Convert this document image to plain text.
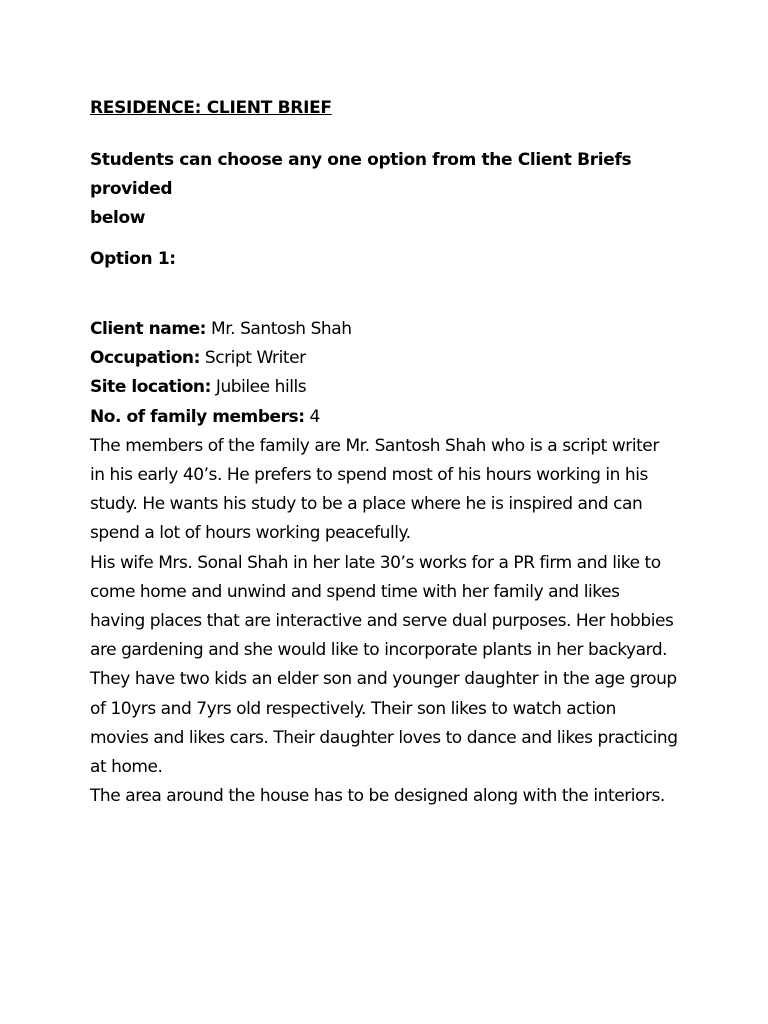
RESIDENCE: CLIENT BRIEF

Students can choose any one option from the Client Briefs provided
below

Option 1:

Client name: Mr. Santosh Shah
Occupation: Script Writer
Site location: Jubilee hills
No. of family members: 4

The members of the family are Mr. Santosh Shah who is a script writer
in his early 40’s. He prefers to spend most of his hours working in his
study. He wants his study to be a place where he is inspired and can
spend a lot of hours working peacefully.
His wife Mrs. Sonal Shah in her late 30’s works for a PR firm and like to
come home and unwind and spend time with her family and likes
having places that are interactive and serve dual purposes. Her hobbies
are gardening and she would like to incorporate plants in her backyard.
They have two kids an elder son and younger daughter in the age group
of 10yrs and 7yrs old respectively. Their son likes to watch action
movies and likes cars. Their daughter loves to dance and likes practicing
at home.
The area around the house has to be designed along with the interiors.
